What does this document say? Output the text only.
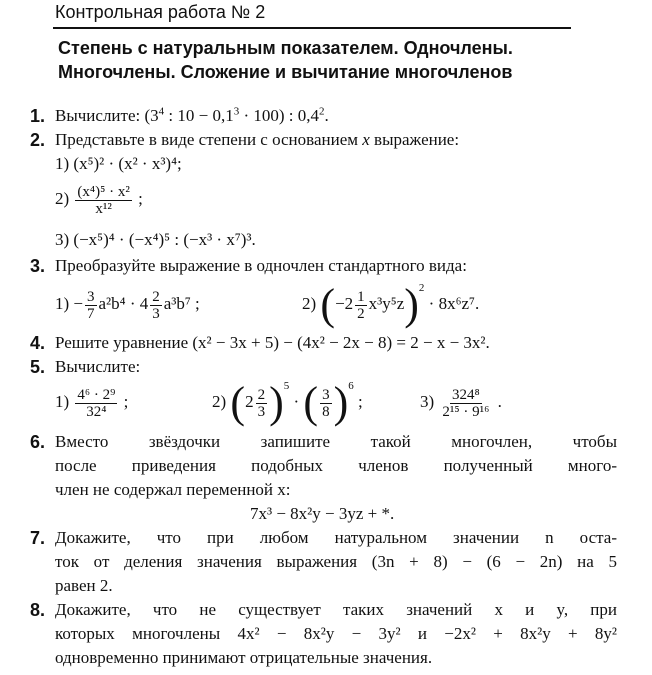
Контрольная работа № 2
Степень с натуральным показателем. Одночлены.
Многочлены. Сложение и вычитание многочленов
1. Вычислите: ($3^4$ : $10 - 0,1^3 \cdot 100$) : $0,4^2$.
2. Представьте в виде степени с основанием x выражение:
1) (x⁵)² · (x² · x³)⁴;
$2) \frac{\text{(x⁴)⁵ · x²}}{\text{x¹²}}$ ;
3) (−x⁵)⁴ · (−x⁴)⁵ : (−x³ · x⁷)³.
3. Преобразуйте выражение в одночлен стандартного вида:
$1) - \frac{3}{7} a^2b^4 \cdot 4 \frac{2}{3} a^3b^7$ ;	2) $(-2 \frac{1}{2} x^3y^5z)^2 \cdot 8x^6z^7$.
4. Решите уравнение (x² − 3x + 5) − (4x² − 2x − 8) = 2 − x − 3x².
5. Вычислите:
$1) \frac{\text{4⁶ · 2⁹}}{\text{32⁴}}$ ;	2) $(2 \frac{2}{3} )^5$ · ( $\frac{3}{8} )^6$ ;	$3) \frac{\text{324⁸}}{\text{2¹⁵ · 9¹⁶}}$ .
6. Вместо звёздочки запишите такой многочлен, чтобы
после приведения подобных членов полученный много-
член не содержал переменной x:
7x³ − 8x²y − 3yz + *.
7. Докажите, что при любом натуральном значении n оста-
ток от деления значения выражения (3n + 8) − (6 − 2n) на 5
равен 2.
8. Докажите, что не существует таких значений x и y, при
которых многочлены 4x² − 8x²y − 3y² и −2x² + 8x²y + 8y²
одновременно принимают отрицательные значения.
